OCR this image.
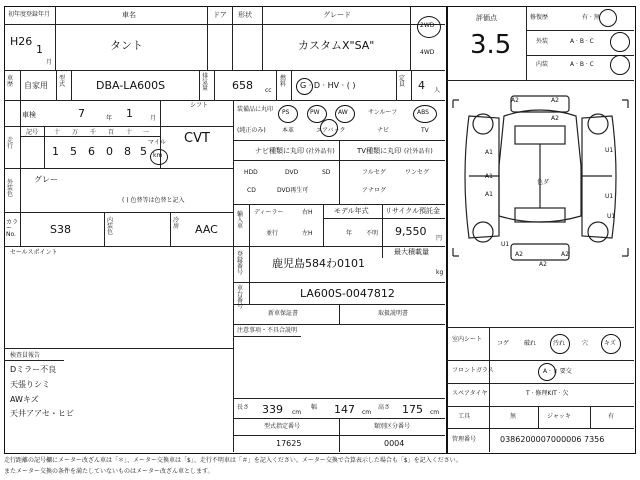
初年度登録年月
H26
1
月
車名
タント
ドア 形状	グレード
カスタムX"SA"
2WD
4WD
車歴	自家用
型式	DBA-LA600S
排気量	658 cc
燃料	G · D · HV · ( )
定員	4 人
車検	7	年 1	月
走行
記号	十 万 千 百 十 一
1 5 6 0 8 5
マイル
km
シフト
CVT
外装色
グレー
( ) 色替等は色替と記入
カラーNo.	S38
内装色
冷房	AAC
セールスポイント
検査員報告
Dミラー不良
天張りシミ
AWキズ
天井アアセ・ヒビ
装備品に丸印
(純正のみ)
PS	PW	AW	サンルーフ	ABS
本革	エアバック	ナビ	TV
ナビ種類に丸印 (社外品有)
HDD	DVD	SD
CD	DVD再生可
TV種類に丸印 (社外品有)
フルセグ	ワンセグ
アナログ
輸入車
ディーラー
並行
右H
左H
モデル年式
年 不明
リサイクル預託金
9,550
円
最大積載量
kg
登録番号
鹿児島584わ0101
車台番号
LA600S-0047812
新車保証書	取扱説明書
注意事項・不具合説明
長さ 339 cm
幅 147 cm
高さ 175 cm
型式指定番号
17625
類別区分番号
0004
評価点
3.5
修復歴	有 · 無
外装	A · B · C
内装	A · B · C
A2	A2
A2
A1	U1
A1
A1
色ダ
U1
U1
U1
A2
A2
A2
室内シート
コゲ 破れ	汚れ	穴	キズ
フロントガラス	A · × 要交
スペアタイヤ	T · 修理KIT · 欠
工具	無	ジャッキ	有
管理番号	0386200007000006 7356
走行距離の記号欄にメーター改ざん車は「＊」、メーター交換車は「$」、走行不明車は「＃」を記入ください。メーター交換で合算表示した場合も「$」を記入ください。
またメーター交換の条件を満たしていないものはメーター改ざん車とします。
